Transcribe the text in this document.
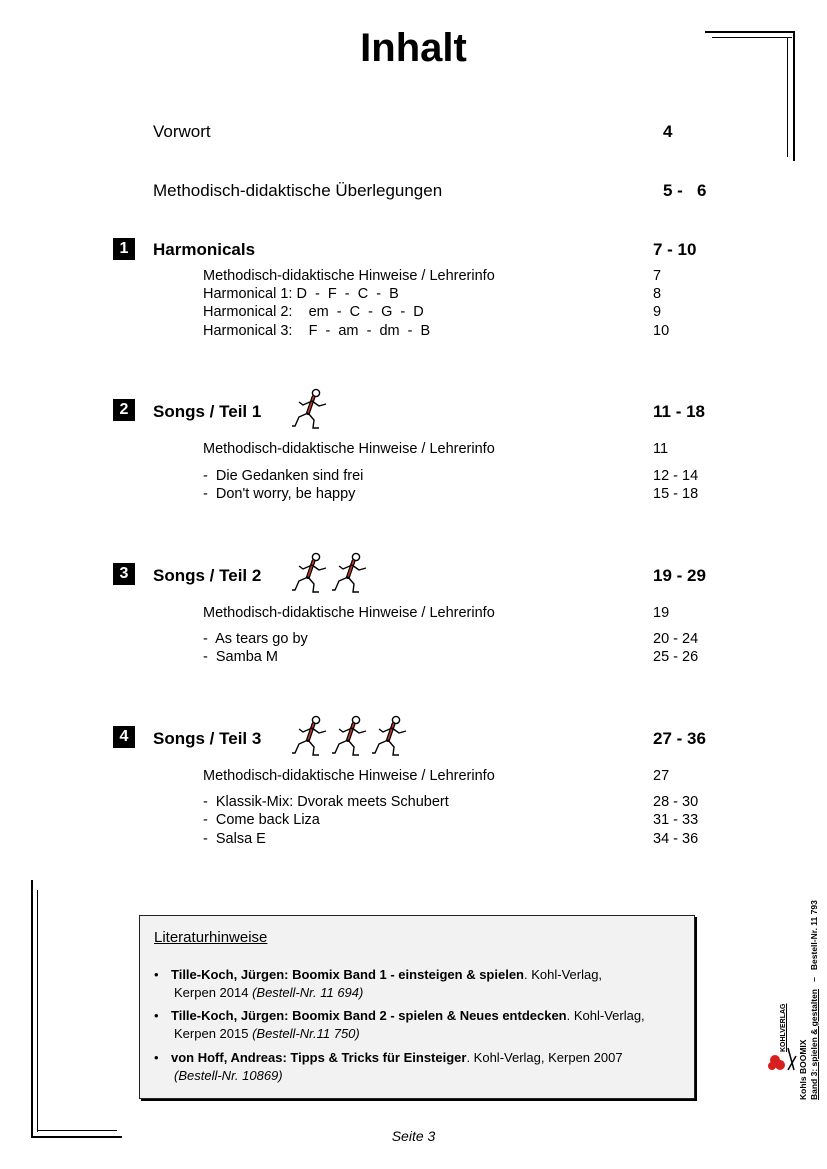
Inhalt
Vorwort	4
Methodisch-didaktische Überlegungen	5 -   6
1	Harmonicals	7 - 10
Methodisch-didaktische Hinweise / Lehrerinfo	7
Harmonical 1: D  -  F  -  C  -  B	8
Harmonical 2:    em  -  C  -  G  -  D	9
Harmonical 3:    F  -  am  -  dm  -  B	10
2	Songs / Teil 1	11 - 18
Methodisch-didaktische Hinweise / Lehrerinfo	11
-  Die Gedanken sind frei	12 - 14
-  Don't worry, be happy	15 - 18
3	Songs / Teil 2	19 - 29
Methodisch-didaktische Hinweise / Lehrerinfo	19
-  As tears go by	20 - 24
-  Samba M	25 - 26
4	Songs / Teil 3	27 - 36
Methodisch-didaktische Hinweise / Lehrerinfo	27
-  Klassik-Mix: Dvorak meets Schubert	28 - 30
-  Come back Liza	31 - 33
-  Salsa E	34 - 36
Literaturhinweise
• Tille-Koch, Jürgen: Boomix Band 1 - einsteigen & spielen. Kohl-Verlag,
Kerpen 2014 (Bestell-Nr. 11 694)
• Tille-Koch, Jürgen: Boomix Band 2 - spielen & Neues entdecken. Kohl-Verlag,
Kerpen 2015 (Bestell-Nr.11 750)
• von Hoff, Andreas: Tipps & Tricks für Einsteiger. Kohl-Verlag, Kerpen 2007
(Bestell-Nr. 10869)	Kohls BOOMIX Band 3: spielen & gestalten   –   Bestell-Nr. 11 793
KOHLVERLAG
Seite 3
